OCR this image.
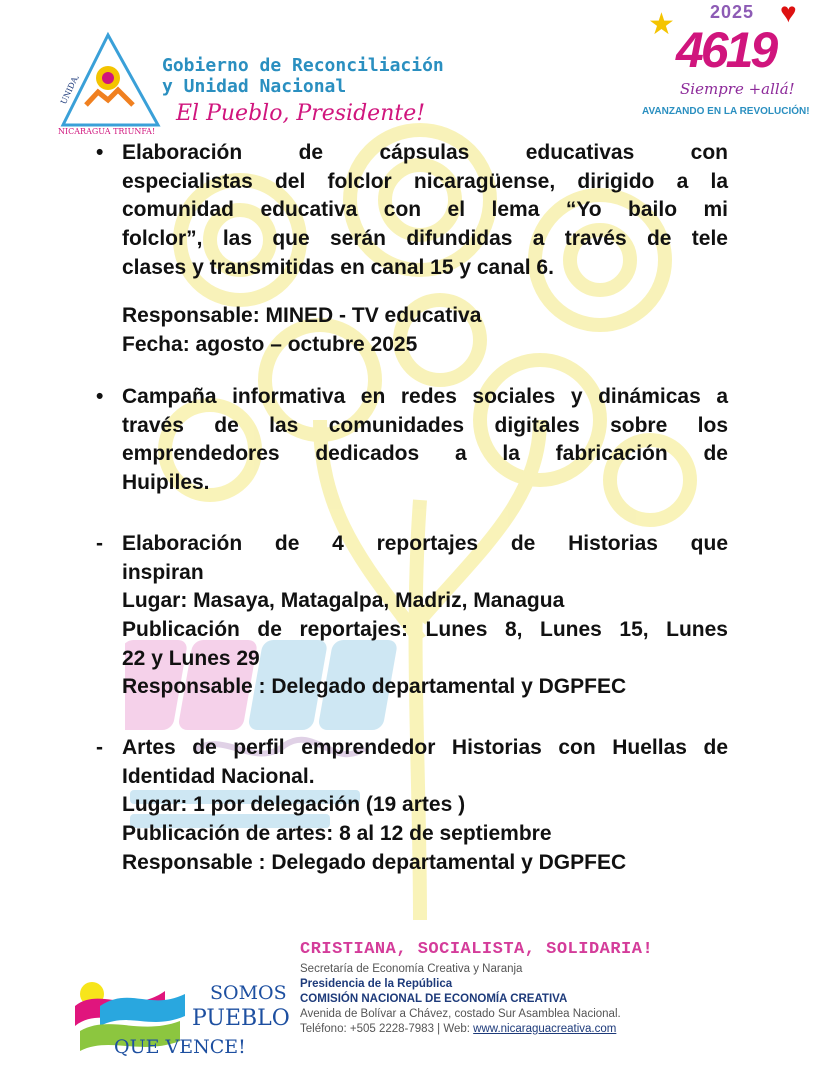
UNIDA,
NICARAGUA TRIUNFA!
Gobierno de Reconciliación
y Unidad Nacional
El Pueblo, Presidente!
2025 ♥
★ 4619
Siempre +allá!
AVANZANDO EN LA REVOLUCIÓN!
• Elaboración de cápsulas educativas con
especialistas del folclor nicaragüense, dirigido a la
comunidad educativa con el lema “Yo bailo mi
folclor”, las que serán difundidas a través de tele
clases y transmitidas en canal 15 y canal 6.
Responsable: MINED - TV educativa
Fecha: agosto – octubre 2025
• Campaña informativa en redes sociales y dinámicas a
través de las comunidades digitales sobre los
emprendedores dedicados a la fabricación de
Huipiles.
- Elaboración de 4 reportajes de Historias que
inspiran
Lugar: Masaya, Matagalpa, Madriz, Managua
Publicación de reportajes: Lunes 8, Lunes 15, Lunes
22 y Lunes 29
Responsable : Delegado departamental y DGPFEC
- Artes de perfil emprendedor Historias con Huellas de
Identidad Nacional.
Lugar: 1 por delegación (19 artes )
Publicación de artes: 8 al 12 de septiembre
Responsable : Delegado departamental y DGPFEC
SOMOS
PUEBLO
QUE VENCE!
CRISTIANA, SOCIALISTA, SOLIDARIA!
Secretaría de Economía Creativa y Naranja
Presidencia de la República
COMISIÓN NACIONAL DE ECONOMÍA CREATIVA
Avenida de Bolívar a Chávez, costado Sur Asamblea Nacional.
Teléfono: +505 2228-7983 | Web: www.nicaraguacreativa.com
